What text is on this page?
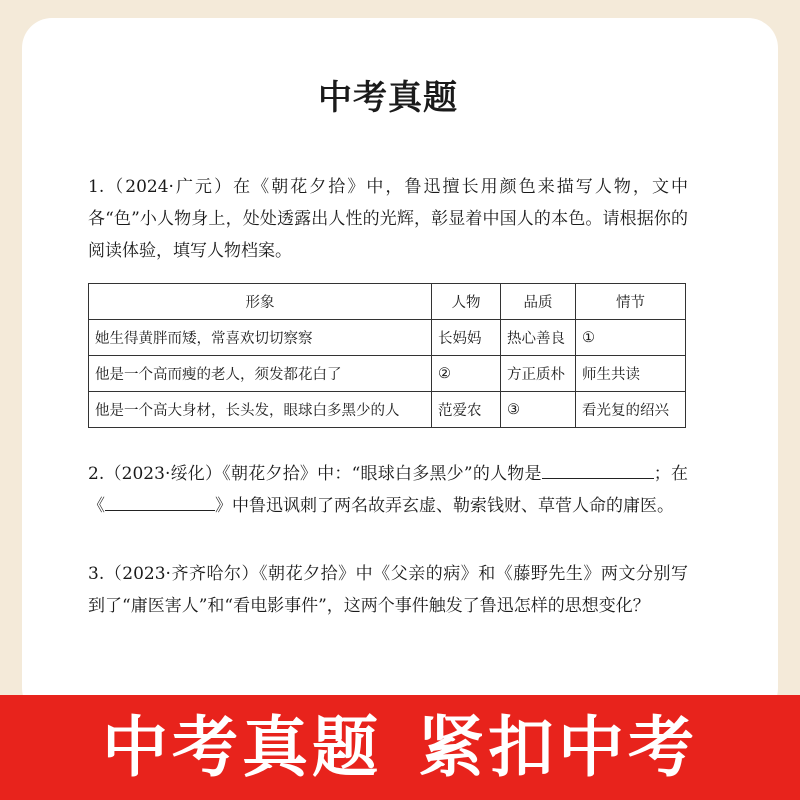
中考真题
1.（2024·广元）在《朝花夕拾》中，鲁迅擅长用颜色来描写人物，文中各“色”小人物身上，处处透露出人性的光辉，彰显着中国人的本色。请根据你的阅读体验，填写人物档案。
形象	人物	品质	情节
她生得黄胖而矮，常喜欢切切察察	长妈妈	热心善良	①
他是一个高而瘦的老人，须发都花白了	②	方正质朴	师生共读
他是一个高大身材，长头发，眼球白多黑少的人	范爱农	③	看光复的绍兴
2.（2023·绥化）《朝花夕拾》中：“眼球白多黑少”的人物是	；在《	》中鲁迅讽刺了两名故弄玄虚、勒索钱财、草菅人命的庸医。
3.（2023·齐齐哈尔）《朝花夕拾》中《父亲的病》和《藤野先生》两文分别写到了“庸医害人”和“看电影事件”，这两个事件触发了鲁迅怎样的思想变化？
中考真题 紧扣中考
